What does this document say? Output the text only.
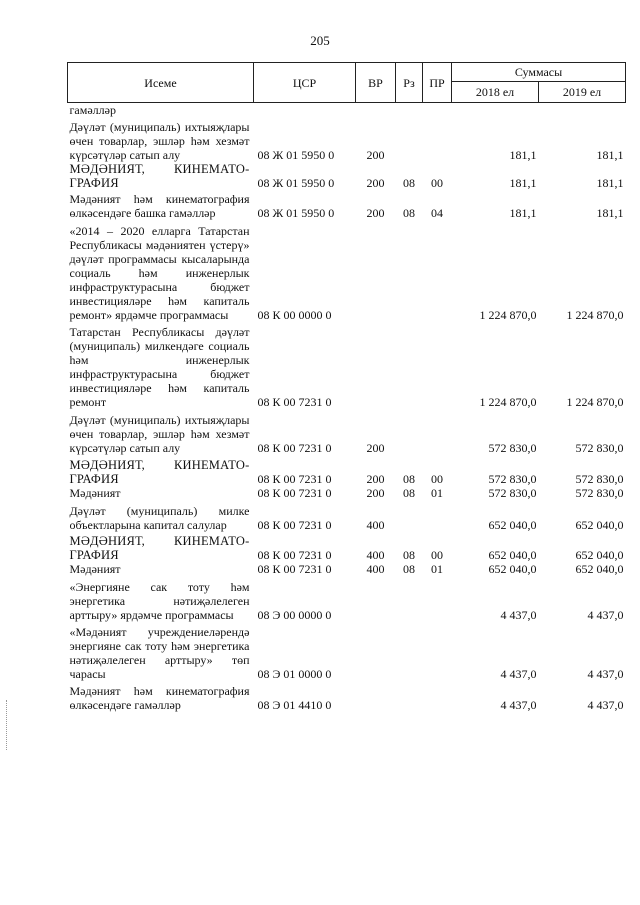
205
Исеме	ЦСР	ВР	Рз	ПР	Суммасы	
					2018 ел	2019 ел
гамәлләр						

Дәүләт (муниципаль) ихтыяҗлары өчен товарлар, эшләр һәм хезмәт күрсәтүләр сатып алу	08 Ж 01 5950 0	200			181,1	181,1
МӘДӘНИЯТ, КИНЕМАТО-ГРАФИЯ	08 Ж 01 5950 0	200	08	00	181,1	181,1

Мәдәният һәм кинематография өлкәсендәге башка гамәлләр	08 Ж 01 5950 0	200	08	04	181,1	181,1

«2014 – 2020 елларга Татарстан Республикасы мәдәниятен үстерү» дәүләт программасы кысаларында социаль һәм инженерлык инфраструктурасына бюджет инвестицияләре һәм капиталь ремонт» ярдәмче программасы	08 К 00 0000 0				1 224 870,0	1 224 870,0

Татарстан Республикасы дәүләт (муниципаль) милкендәге социаль һәм инженерлык инфраструктурасына бюджет инвестицияләре һәм капиталь ремонт	08 К 00 7231 0				1 224 870,0	1 224 870,0

Дәүләт (муниципаль) ихтыяҗлары өчен товарлар, эшләр һәм хезмәт күрсәтүләр сатып алу	08 К 00 7231 0	200			572 830,0	572 830,0

МӘДӘНИЯТ, КИНЕМАТО-ГРАФИЯ	08 К 00 7231 0	200	08	00	572 830,0	572 830,0
Мәдәният	08 К 00 7231 0	200	08	01	572 830,0	572 830,0

Дәүләт (муниципаль) милке объектларына капитал салулар	08 К 00 7231 0	400			652 040,0	652 040,0

МӘДӘНИЯТ, КИНЕМАТО-ГРАФИЯ	08 К 00 7231 0	400	08	00	652 040,0	652 040,0
Мәдәният	08 К 00 7231 0	400	08	01	652 040,0	652 040,0

«Энергияне сак тоту һәм энергетика нәтиҗәлелеген арттыру» ярдәмче программасы	08 Э 00 0000 0				4 437,0	4 437,0

«Мәдәният учреждениеләрендә энергияне сак тоту һәм энергетика нәтиҗәлелеген арттыру» төп чарасы	08 Э 01 0000 0				4 437,0	4 437,0

Мәдәният һәм кинематография өлкәсендәге гамәлләр	08 Э 01 4410 0				4 437,0	4 437,0
